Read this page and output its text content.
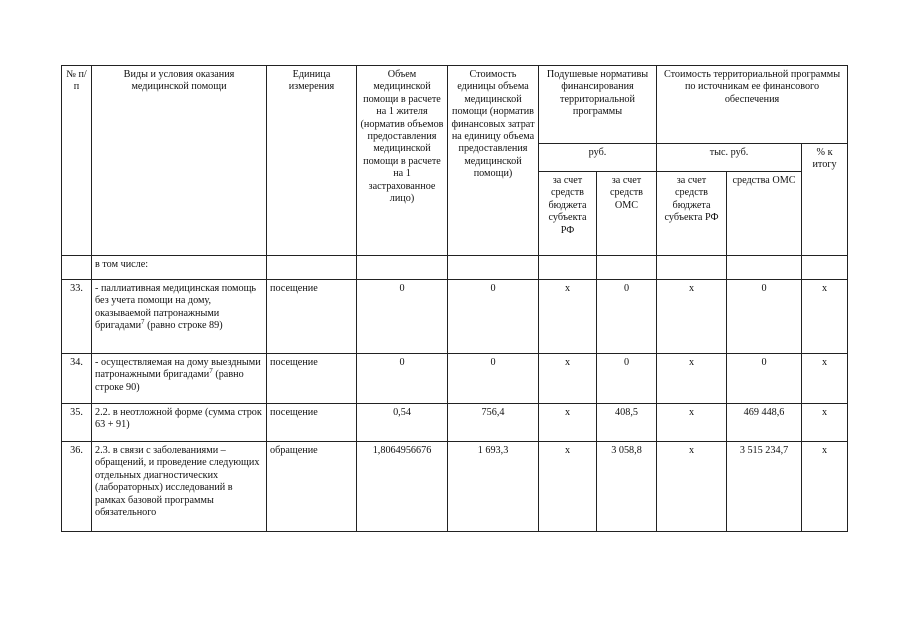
№ п/п	Виды и условия оказания медицинской помощи	Единица измерения	Объем медицинской помощи в расчете на 1 жителя (норматив объемов предоставления медицинской помощи в расчете на 1 застрахованное лицо)	Стоимость единицы объема медицинской помощи (норматив финансовых затрат на единицу объема предоставления медицинской помощи)	Подушевые нормативы финансирования территориальной программы		Стоимость территориальной программы по источникам ее финансового обеспечения		
					руб.		тыс. руб.		% к итогу
					за счет средств бюджета субъекта РФ	за счет средств ОМС	за счет средств бюджета субъекта РФ	средства ОМС	
	в том числе:								
33.	- паллиативная медицинская помощь без учета помощи на дому, оказываемой патронажными бригадами$^7$ (равно строке 89)	посещение	0	0	х	0	х	0	х
34.	- осуществляемая на дому выездными патронажными бригадами$^7$ (равно строке 90)	посещение	0	0	х	0	х	0	х
35.	2.2. в неотложной форме (сумма строк 63 + 91)	посещение	0,54	756,4	х	408,5	х	469 448,6	х
36.	2.3. в связи с заболеваниями – обращений, и проведение следующих отдельных диагностических (лабораторных) исследований в рамках базовой программы обязательного	обращение	1,8064956676	1 693,3	х	3 058,8	х	3 515 234,7	х
